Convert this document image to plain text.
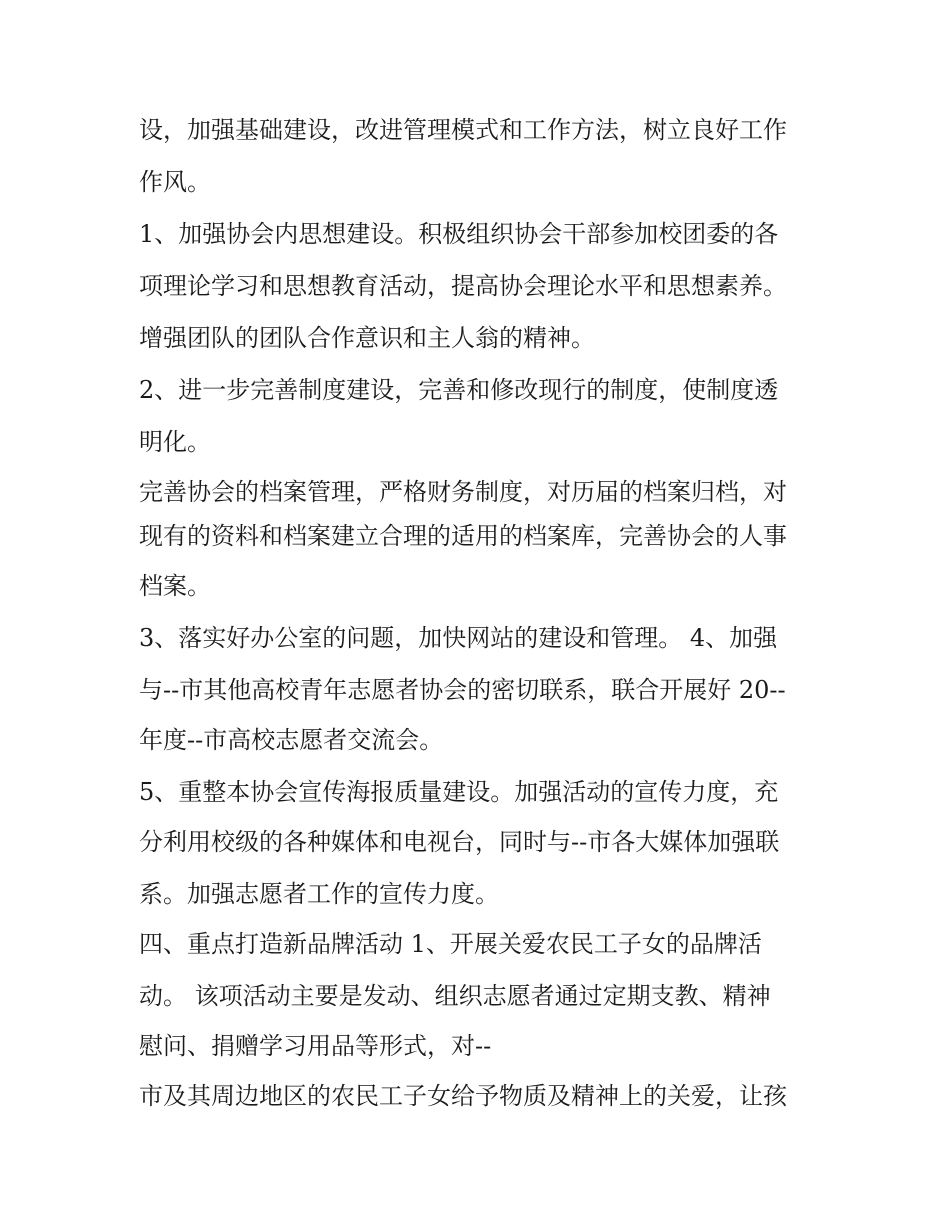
设，加强基础建设，改进管理模式和工作方法，树立良好工作
作风。
1、加强协会内思想建设。积极组织协会干部参加校团委的各
项理论学习和思想教育活动，提高协会理论水平和思想素养。
增强团队的团队合作意识和主人翁的精神。
2、进一步完善制度建设，完善和修改现行的制度，使制度透
明化。
完善协会的档案管理，严格财务制度，对历届的档案归档，对
现有的资料和档案建立合理的适用的档案库，完善协会的人事
档案。
3、落实好办公室的问题，加快网站的建设和管理。 4、加强
与--市其他高校青年志愿者协会的密切联系，联合开展好 20--
年度--市高校志愿者交流会。
5、重整本协会宣传海报质量建设。加强活动的宣传力度，充
分利用校级的各种媒体和电视台，同时与--市各大媒体加强联
系。加强志愿者工作的宣传力度。
四、重点打造新品牌活动 1、开展关爱农民工子女的品牌活
动。 该项活动主要是发动、组织志愿者通过定期支教、精神
慰问、捐赠学习用品等形式，对--
市及其周边地区的农民工子女给予物质及精神上的关爱，让孩
